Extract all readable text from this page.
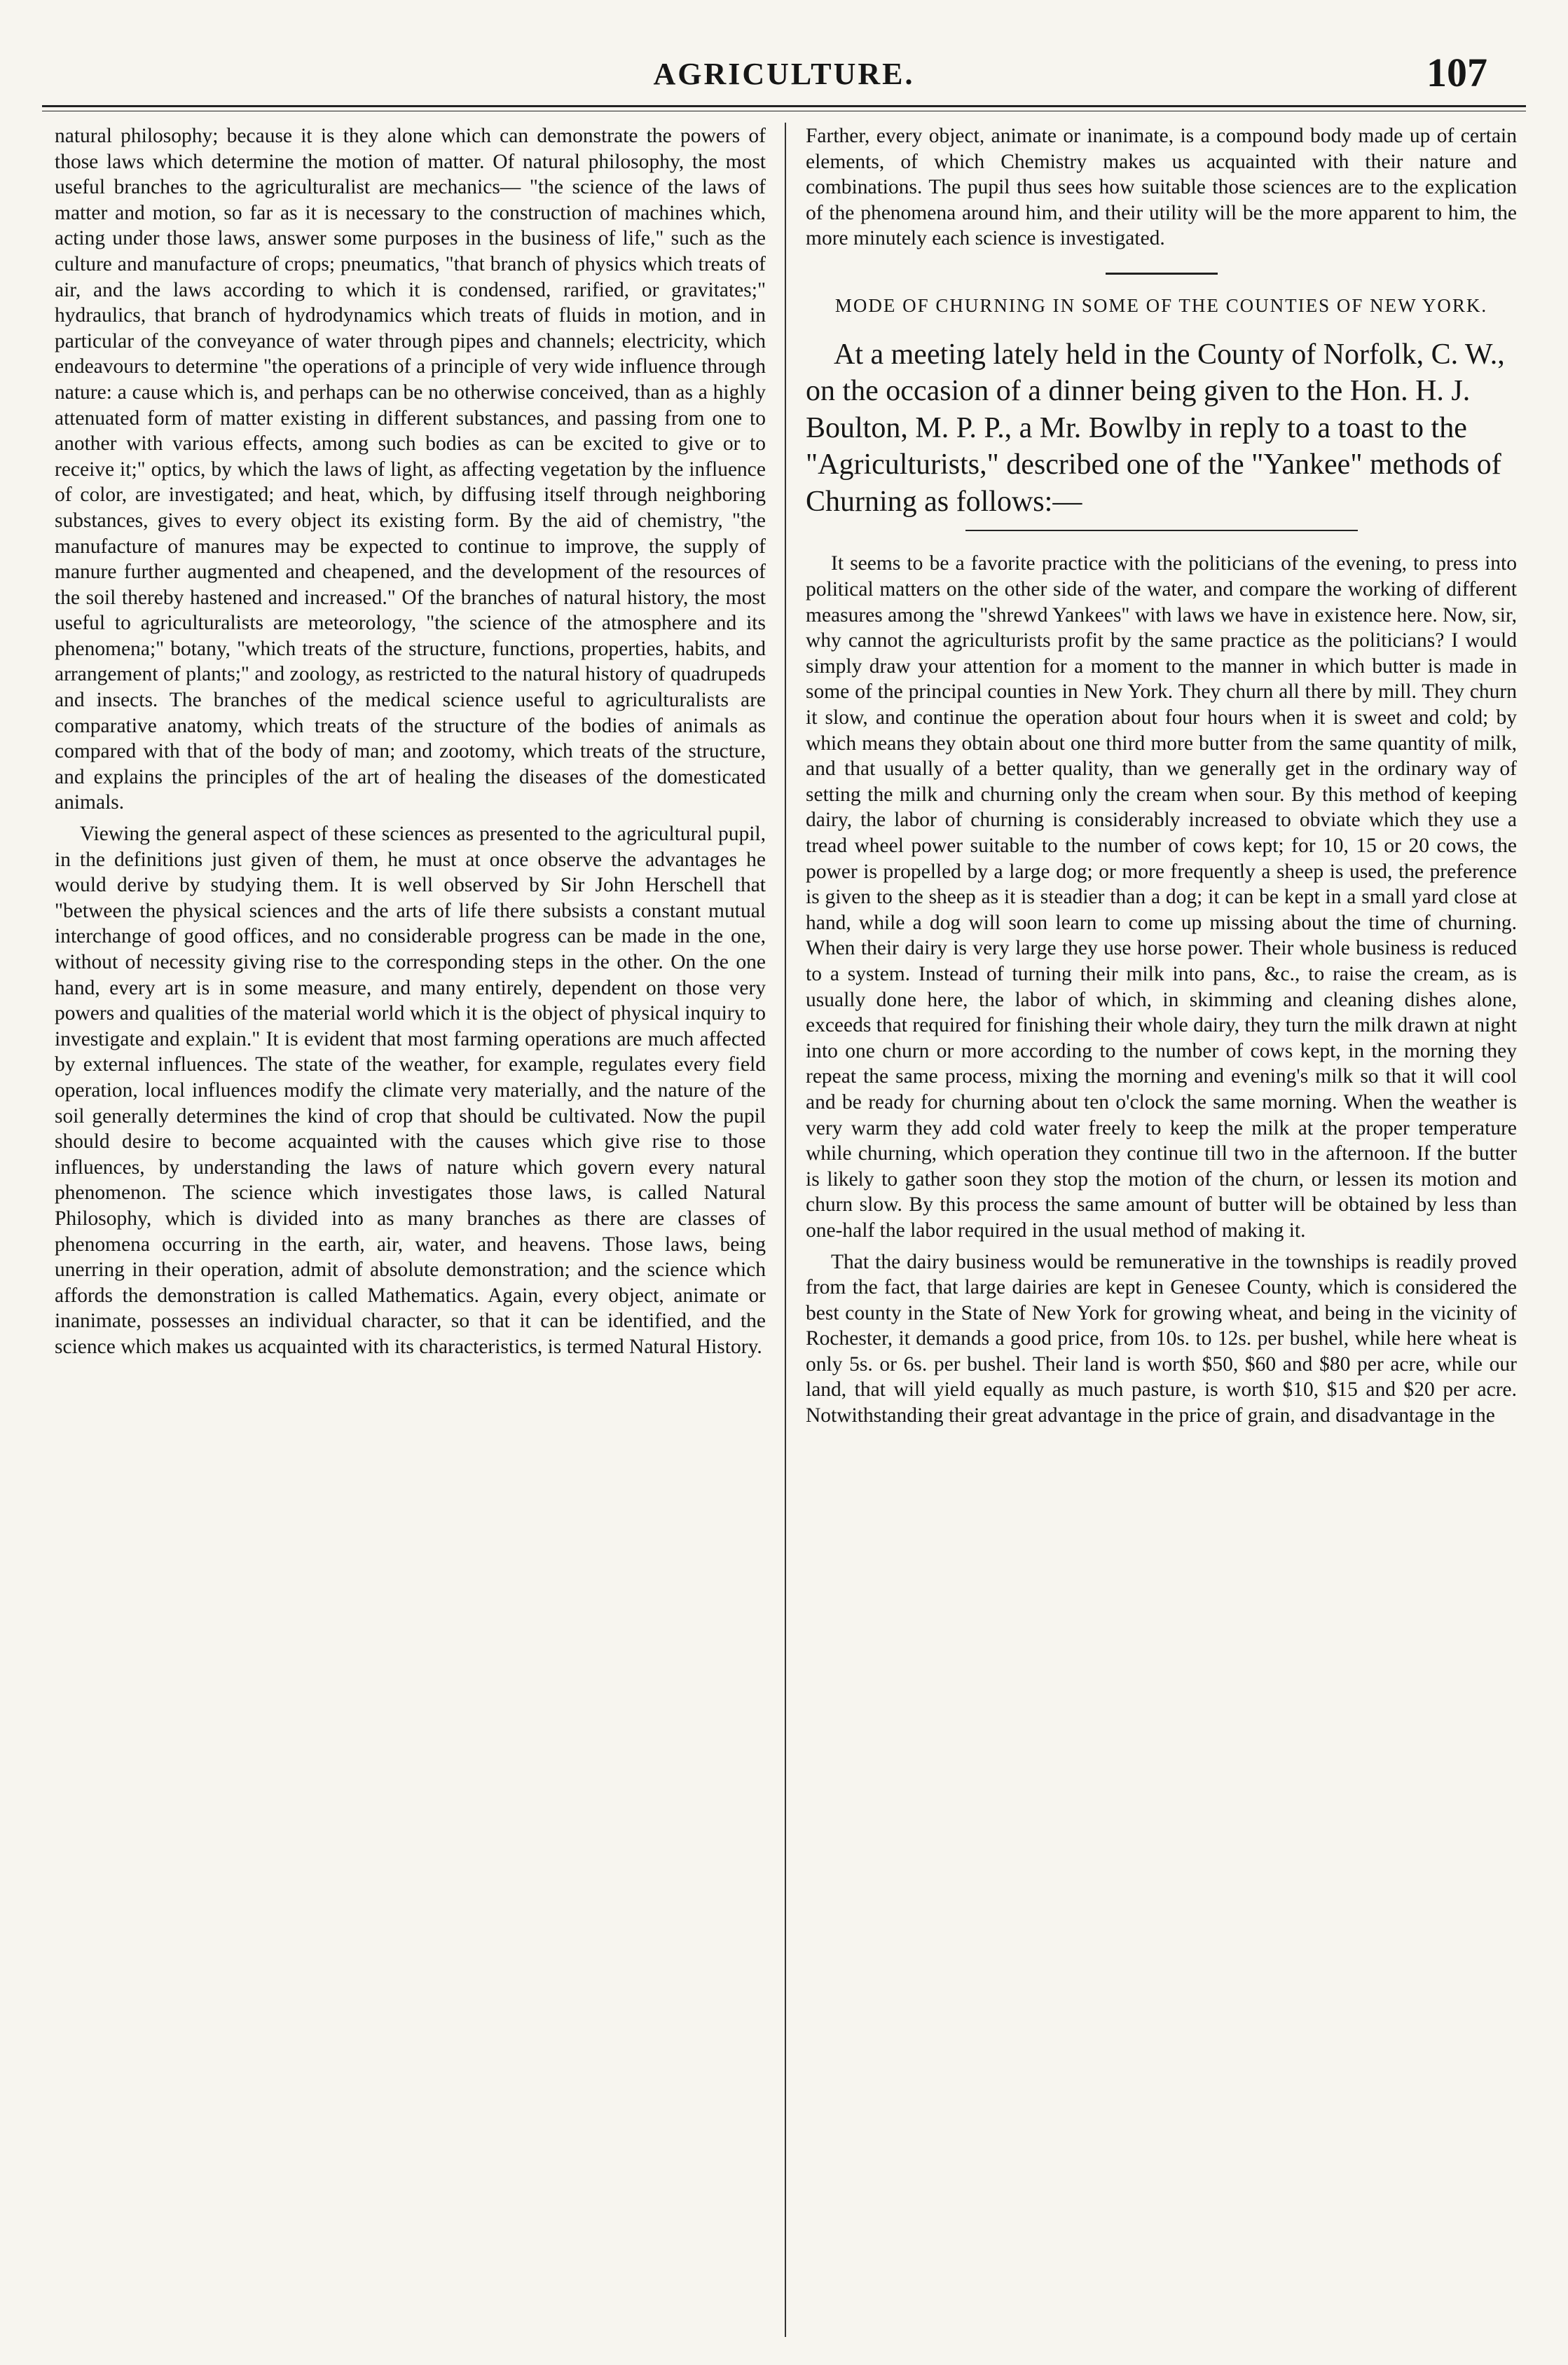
AGRICULTURE.	107

natural philosophy; because it is they alone which can demonstrate the powers of those laws which determine the motion of matter. Of natural philosophy, the most useful branches to the agriculturalist are mechanics— "the science of the laws of matter and motion, so far as it is necessary to the construction of machines which, acting under those laws, answer some purposes in the business of life," such as the culture and manufacture of crops; pneumatics, "that branch of physics which treats of air, and the laws according to which it is condensed, rarified, or gravitates;" hydraulics, that branch of hydrodynamics which treats of fluids in motion, and in particular of the conveyance of water through pipes and channels; electricity, which endeavours to determine "the operations of a principle of very wide influence through nature: a cause which is, and perhaps can be no otherwise conceived, than as a highly attenuated form of matter existing in different substances, and passing from one to another with various effects, among such bodies as can be excited to give or to receive it;" optics, by which the laws of light, as affecting vegetation by the influence of color, are investigated; and heat, which, by diffusing itself through neighboring substances, gives to every object its existing form. By the aid of chemistry, "the manufacture of manures may be expected to continue to improve, the supply of manure further augmented and cheapened, and the development of the resources of the soil thereby hastened and increased." Of the branches of natural history, the most useful to agriculturalists are meteorology, "the science of the atmosphere and its phenomena;" botany, "which treats of the structure, functions, properties, habits, and arrangement of plants;" and zoology, as restricted to the natural history of quadrupeds and insects. The branches of the medical science useful to agriculturalists are comparative anatomy, which treats of the structure of the bodies of animals as compared with that of the body of man; and zootomy, which treats of the structure, and explains the principles of the art of healing the diseases of the domesticated animals.

Viewing the general aspect of these sciences as presented to the agricultural pupil, in the definitions just given of them, he must at once observe the advantages he would derive by studying them. It is well observed by Sir John Herschell that "between the physical sciences and the arts of life there subsists a constant mutual interchange of good offices, and no considerable progress can be made in the one, without of necessity giving rise to the corresponding steps in the other. On the one hand, every art is in some measure, and many entirely, dependent on those very powers and qualities of the material world which it is the object of physical inquiry to investigate and explain." It is evident that most farming operations are much affected by external influences. The state of the weather, for example, regulates every field operation, local influences modify the climate very materially, and the nature of the soil generally determines the kind of crop that should be cultivated. Now the pupil should desire to become acquainted with the causes which give rise to those influences, by understanding the laws of nature which govern every natural phenomenon. The science which investigates those laws, is called Natural Philosophy, which is divided into as many branches as there are classes of phenomena occurring in the earth, air, water, and heavens. Those laws, being unerring in their operation, admit of absolute demonstration; and the science which affords the demonstration is called Mathematics. Again, every object, animate or inanimate, possesses an individual character, so that it can be identified, and the science which makes us acquainted with its characteristics, is termed Natural History.

Farther, every object, animate or inanimate, is a compound body made up of certain elements, of which Chemistry makes us acquainted with their nature and combinations. The pupil thus sees how suitable those sciences are to the explication of the phenomena around him, and their utility will be the more apparent to him, the more minutely each science is investigated.

MODE OF CHURNING IN SOME OF THE COUNTIES OF NEW YORK.
At a meeting lately held in the County of Norfolk, C. W., on the occasion of a dinner being given to the Hon. H. J. Boulton, M. P. P., a Mr. Bowlby in reply to a toast to the "Agriculturists," described one of the "Yankee" methods of Churning as follows:—

It seems to be a favorite practice with the politicians of the evening, to press into political matters on the other side of the water, and compare the working of different measures among the "shrewd Yankees" with laws we have in existence here. Now, sir, why cannot the agriculturists profit by the same practice as the politicians? I would simply draw your attention for a moment to the manner in which butter is made in some of the principal counties in New York. They churn all there by mill. They churn it slow, and continue the operation about four hours when it is sweet and cold; by which means they obtain about one third more butter from the same quantity of milk, and that usually of a better quality, than we generally get in the ordinary way of setting the milk and churning only the cream when sour. By this method of keeping dairy, the labor of churning is considerably increased to obviate which they use a tread wheel power suitable to the number of cows kept; for 10, 15 or 20 cows, the power is propelled by a large dog; or more frequently a sheep is used, the preference is given to the sheep as it is steadier than a dog; it can be kept in a small yard close at hand, while a dog will soon learn to come up missing about the time of churning. When their dairy is very large they use horse power. Their whole business is reduced to a system. Instead of turning their milk into pans, &c., to raise the cream, as is usually done here, the labor of which, in skimming and cleaning dishes alone, exceeds that required for finishing their whole dairy, they turn the milk drawn at night into one churn or more according to the number of cows kept, in the morning they repeat the same process, mixing the morning and evening's milk so that it will cool and be ready for churning about ten o'clock the same morning. When the weather is very warm they add cold water freely to keep the milk at the proper temperature while churning, which operation they continue till two in the afternoon. If the butter is likely to gather soon they stop the motion of the churn, or lessen its motion and churn slow. By this process the same amount of butter will be obtained by less than one-half the labor required in the usual method of making it.

That the dairy business would be remunerative in the townships is readily proved from the fact, that large dairies are kept in Genesee County, which is considered the best county in the State of New York for growing wheat, and being in the vicinity of Rochester, it demands a good price, from 10s. to 12s. per bushel, while here wheat is only 5s. or 6s. per bushel. Their land is worth $50, $60 and $80 per acre, while our land, that will yield equally as much pasture, is worth $10, $15 and $20 per acre. Notwithstanding their great advantage in the price of grain, and disadvantage in the
